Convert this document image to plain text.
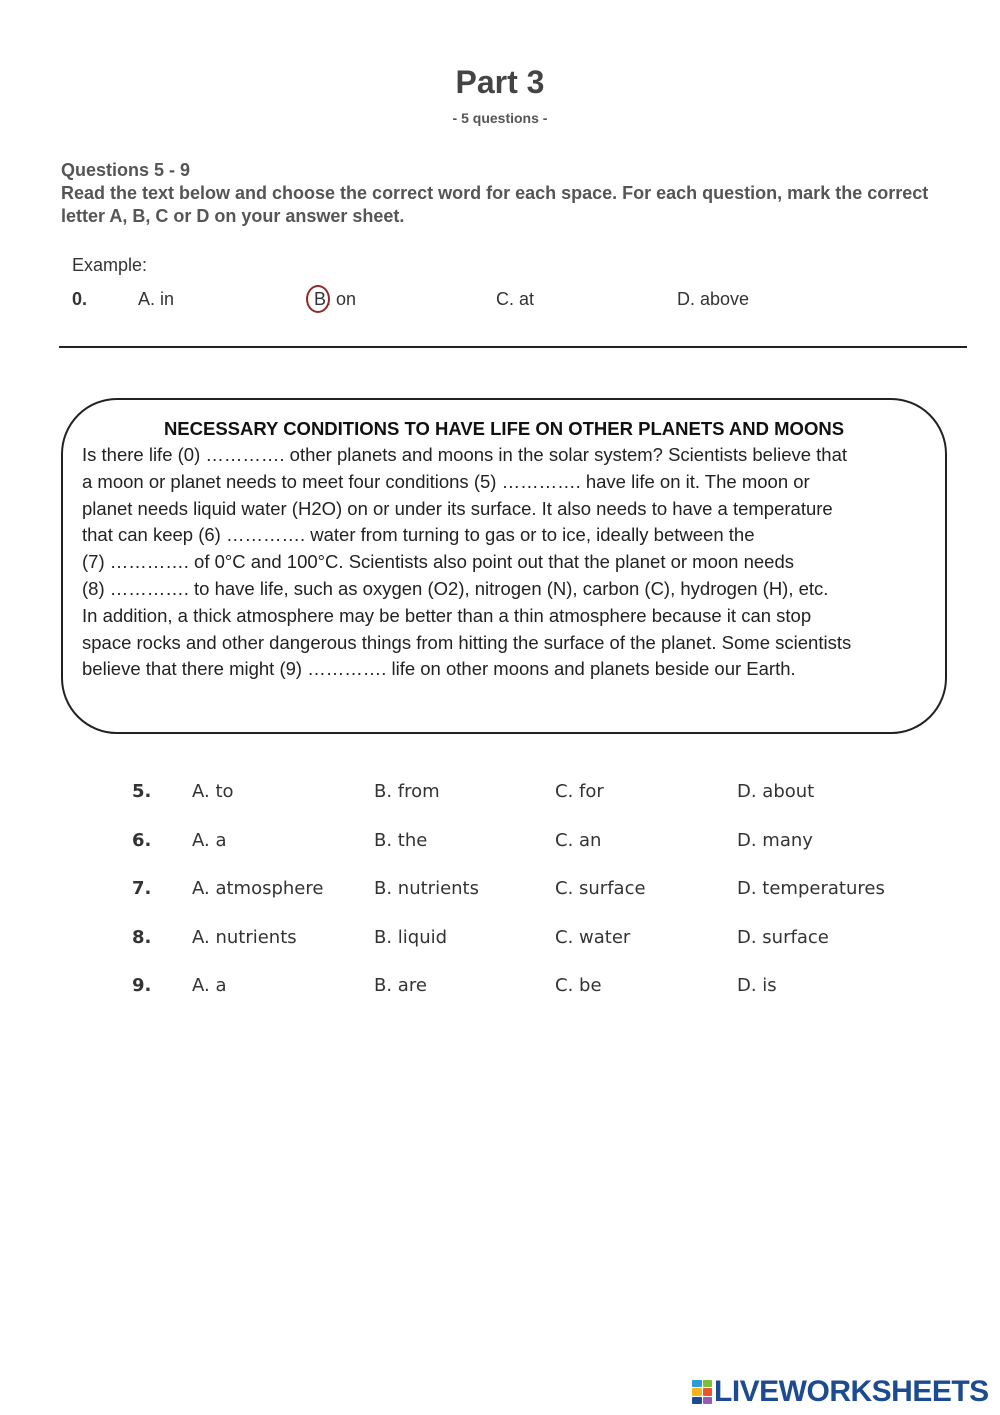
Part 3
- 5 questions -
Questions 5 - 9
Read the text below and choose the correct word for each space. For each question, mark the correct letter A, B, C or D on your answer sheet.
Example:
0.	A. in	B. on	C. at	D. above
NECESSARY CONDITIONS TO HAVE LIFE ON OTHER PLANETS AND MOONS
Is there life (0) …………. other planets and moons in the solar system? Scientists believe that
a moon or planet needs to meet four conditions (5) …………. have life on it. The moon or
planet needs liquid water (H2O) on or under its surface. It also needs to have a temperature
that can keep (6) …………. water from turning to gas or to ice, ideally between the
(7) …………. of 0°C and 100°C. Scientists also point out that the planet or moon needs
(8) …………. to have life, such as oxygen (O2), nitrogen (N), carbon (C), hydrogen (H), etc.
In addition, a thick atmosphere may be better than a thin atmosphere because it can stop
space rocks and other dangerous things from hitting the surface of the planet. Some scientists
believe that there might (9) …………. life on other moons and planets beside our Earth.
5. A. to	B. from	C. for	D. about
6. A. a	B. the	C. an	D. many
7. A. atmosphere	B. nutrients	C. surface	D. temperatures
8. A. nutrients	B. liquid	C. water	D. surface
9. A. a	B. are	C. be	D. is
LIVEWORKSHEETS
